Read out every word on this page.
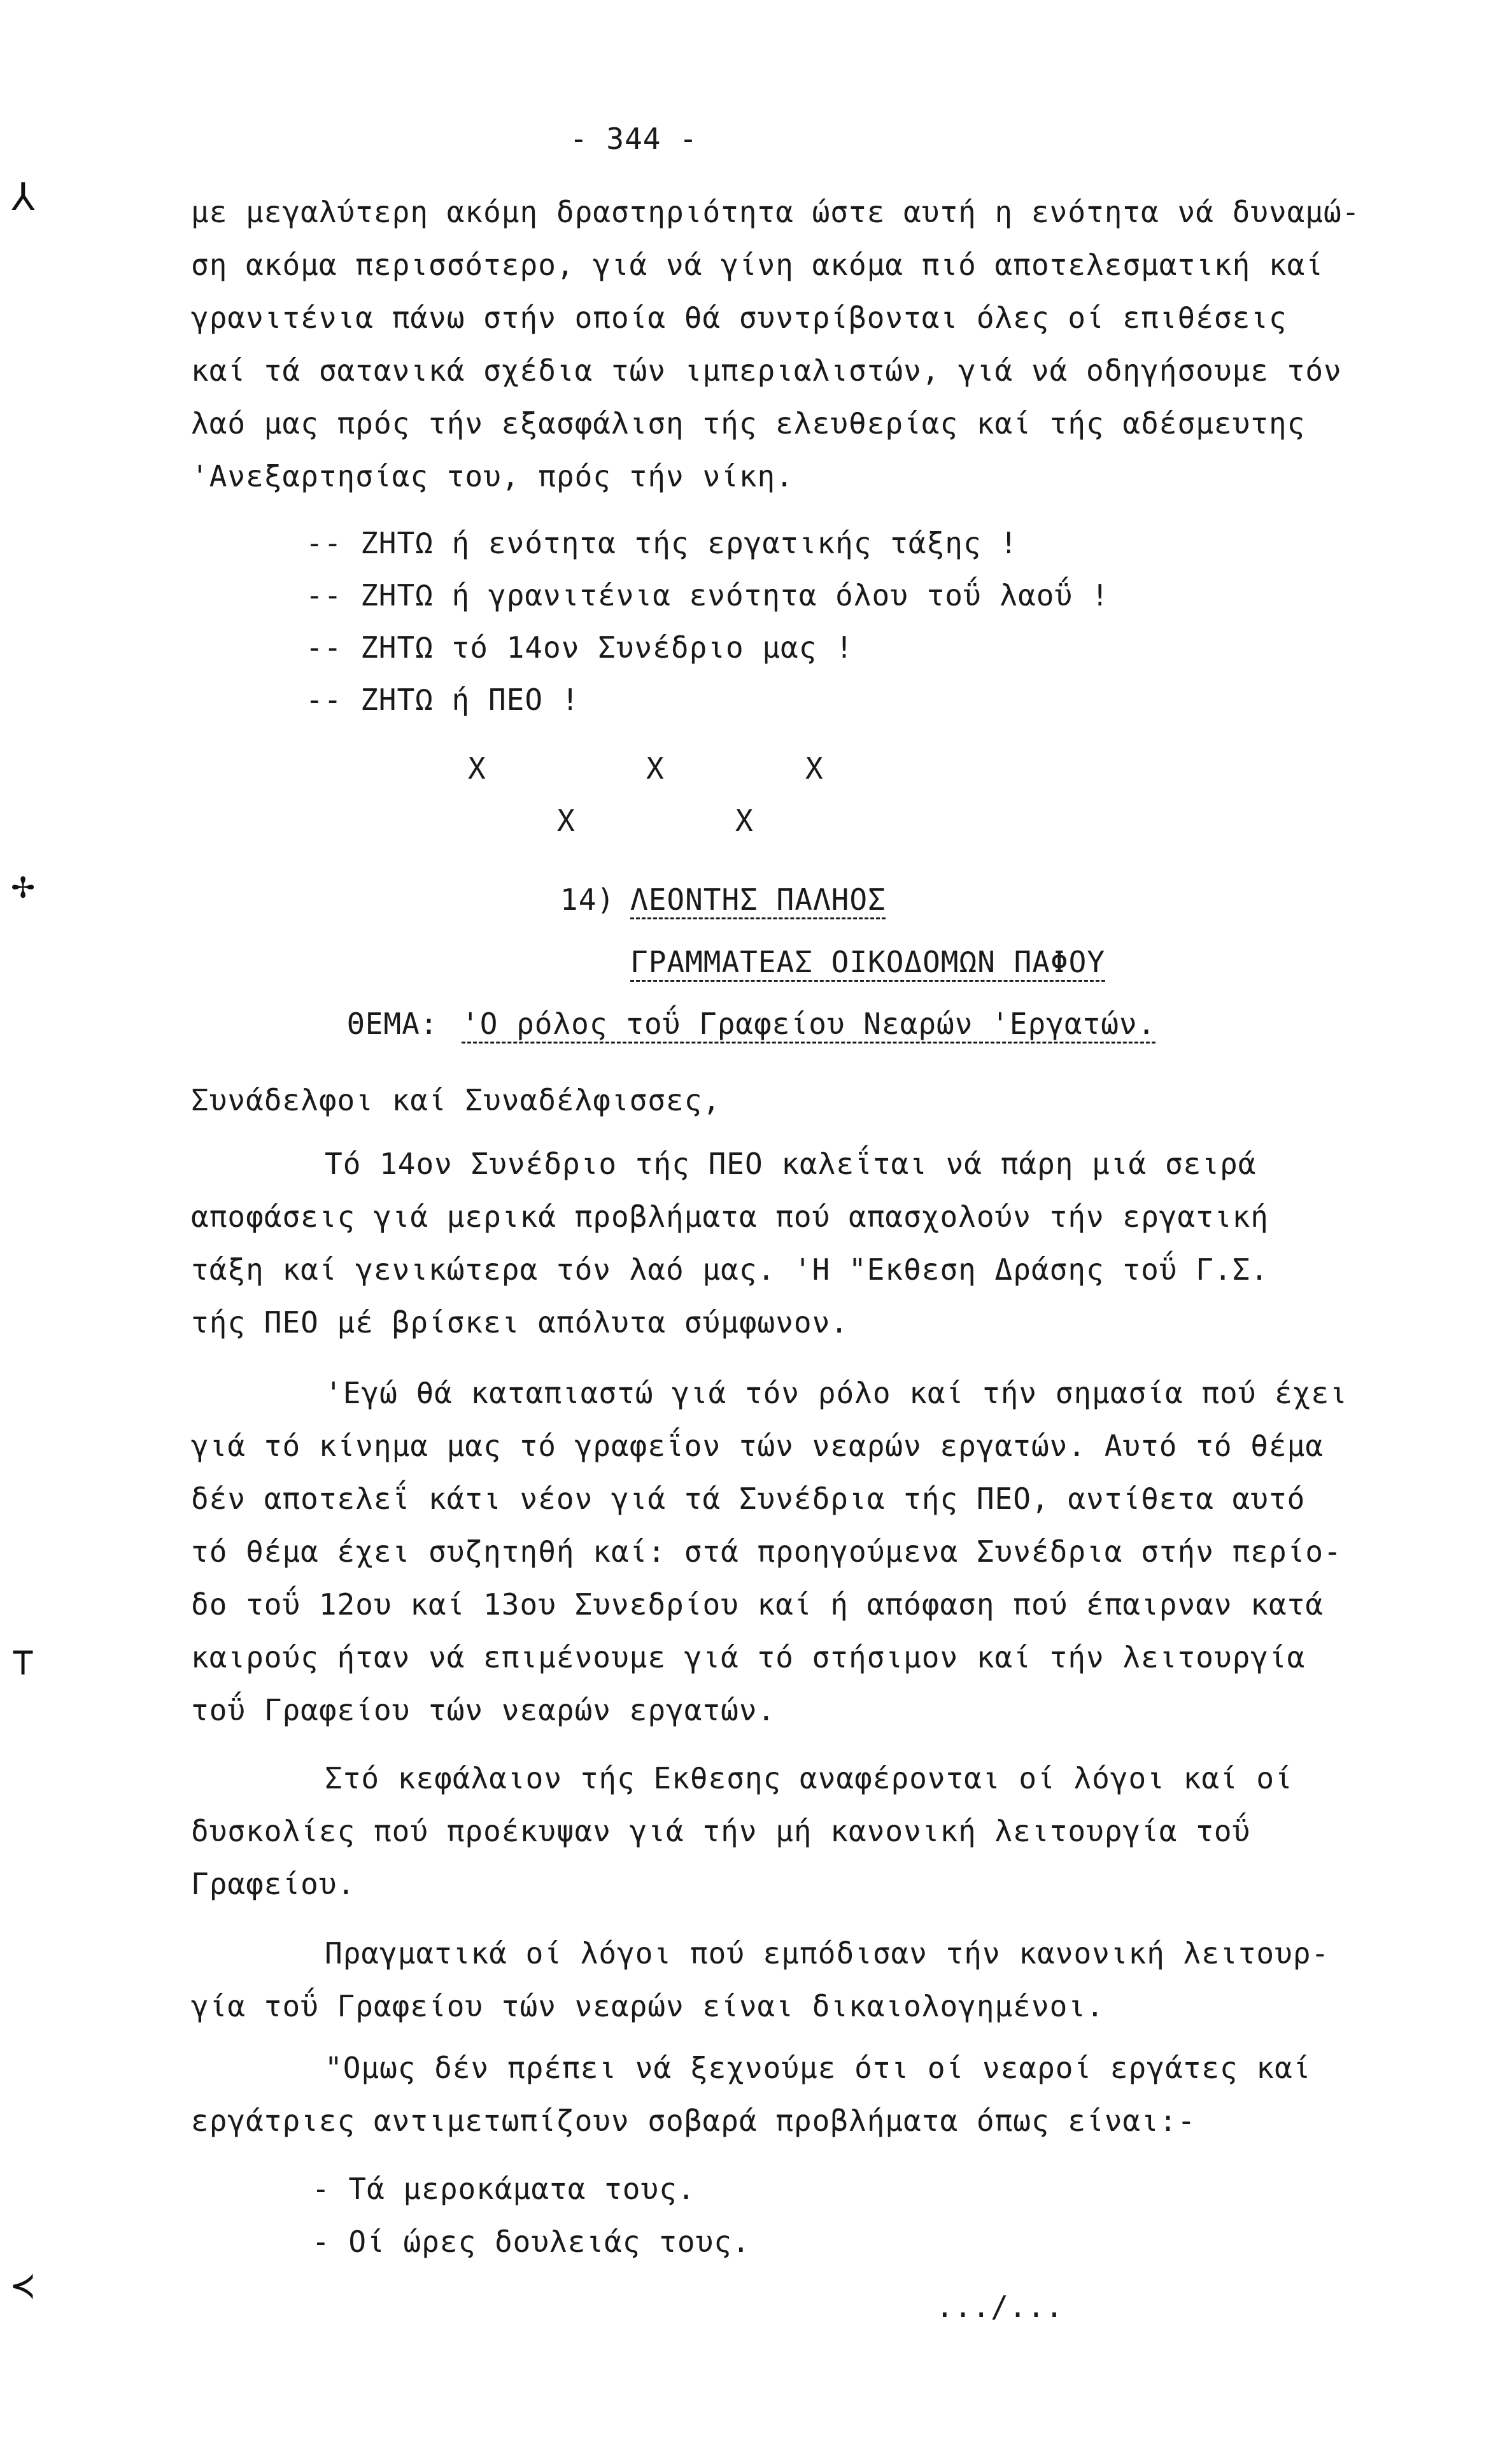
⅄
✢
⊤
≺
- 344 -
με μεγαλύτερη ακόμη δραστηριότητα ώστε αυτή η ενότητα νά δυναμώ-
ση ακόμα περισσότερο, γιά νά γίνη ακόμα πιό αποτελεσματική καί
γρανιτένια πάνω στήν οποία θά συντρίβονται όλες οί επιθέσεις
καί τά σατανικά σχέδια τών ιμπεριαλιστών, γιά νά οδηγήσουμε τόν
λαό μας πρός τήν εξασφάλιση τής ελευθερίας καί τής αδέσμευτης
'Ανεξαρτησίας του, πρός τήν νίκη.
-- ΖΗΤΩ ή ενότητα τής εργατικής τάξης !
-- ΖΗΤΩ ή γρανιτένια ενότητα όλου τοΰ λαοΰ !
-- ΖΗΤΩ τό 14ον Συνέδριο μας !
-- ΖΗΤΩ ή ΠΕΟ !
X	X	X
X	X
14) ΛΕΟΝΤΗΣ ΠΑΛΗΟΣ
ΓΡΑΜΜΑΤΕΑΣ ΟΙΚΟΔΟΜΩΝ ΠΑΦΟΥ
ΘΕΜΑ: 'Ο ρόλος τοΰ Γραφείου Νεαρών 'Εργατών.
Συνάδελφοι καί Συναδέλφισσες,
Τό 14ον Συνέδριο τής ΠΕΟ καλεΐται νά πάρη μιά σειρά
αποφάσεις γιά μερικά προβλήματα πού απασχολούν τήν εργατική
τάξη καί γενικώτερα τόν λαό μας. 'Η "Εκθεση Δράσης τοΰ Γ.Σ.
τής ΠΕΟ μέ βρίσκει απόλυτα σύμφωνον.
'Εγώ θά καταπιαστώ γιά τόν ρόλο καί τήν σημασία πού έχει
γιά τό κίνημα μας τό γραφεΐον τών νεαρών εργατών. Αυτό τό θέμα
δέν αποτελεΐ κάτι νέον γιά τά Συνέδρια τής ΠΕΟ, αντίθετα αυτό
τό θέμα έχει συζητηθή καί: στά προηγούμενα Συνέδρια στήν περίο-
δο τοΰ 12ου καί 13ου Συνεδρίου καί ή απόφαση πού έπαιρναν κατά
καιρούς ήταν νά επιμένουμε γιά τό στήσιμον καί τήν λειτουργία
τοΰ Γραφείου τών νεαρών εργατών.
Στό κεφάλαιον τής Εκθεσης αναφέρονται οί λόγοι καί οί
δυσκολίες πού προέκυψαν γιά τήν μή κανονική λειτουργία τοΰ
Γραφείου.
Πραγματικά οί λόγοι πού εμπόδισαν τήν κανονική λειτουρ-
γία τοΰ Γραφείου τών νεαρών είναι δικαιολογημένοι.
"Ομως δέν πρέπει νά ξεχνούμε ότι οί νεαροί εργάτες καί
εργάτριες αντιμετωπίζουν σοβαρά προβλήματα όπως είναι:-
- Τά μεροκάματα τους.
- Οί ώρες δουλειάς τους.
.../...
